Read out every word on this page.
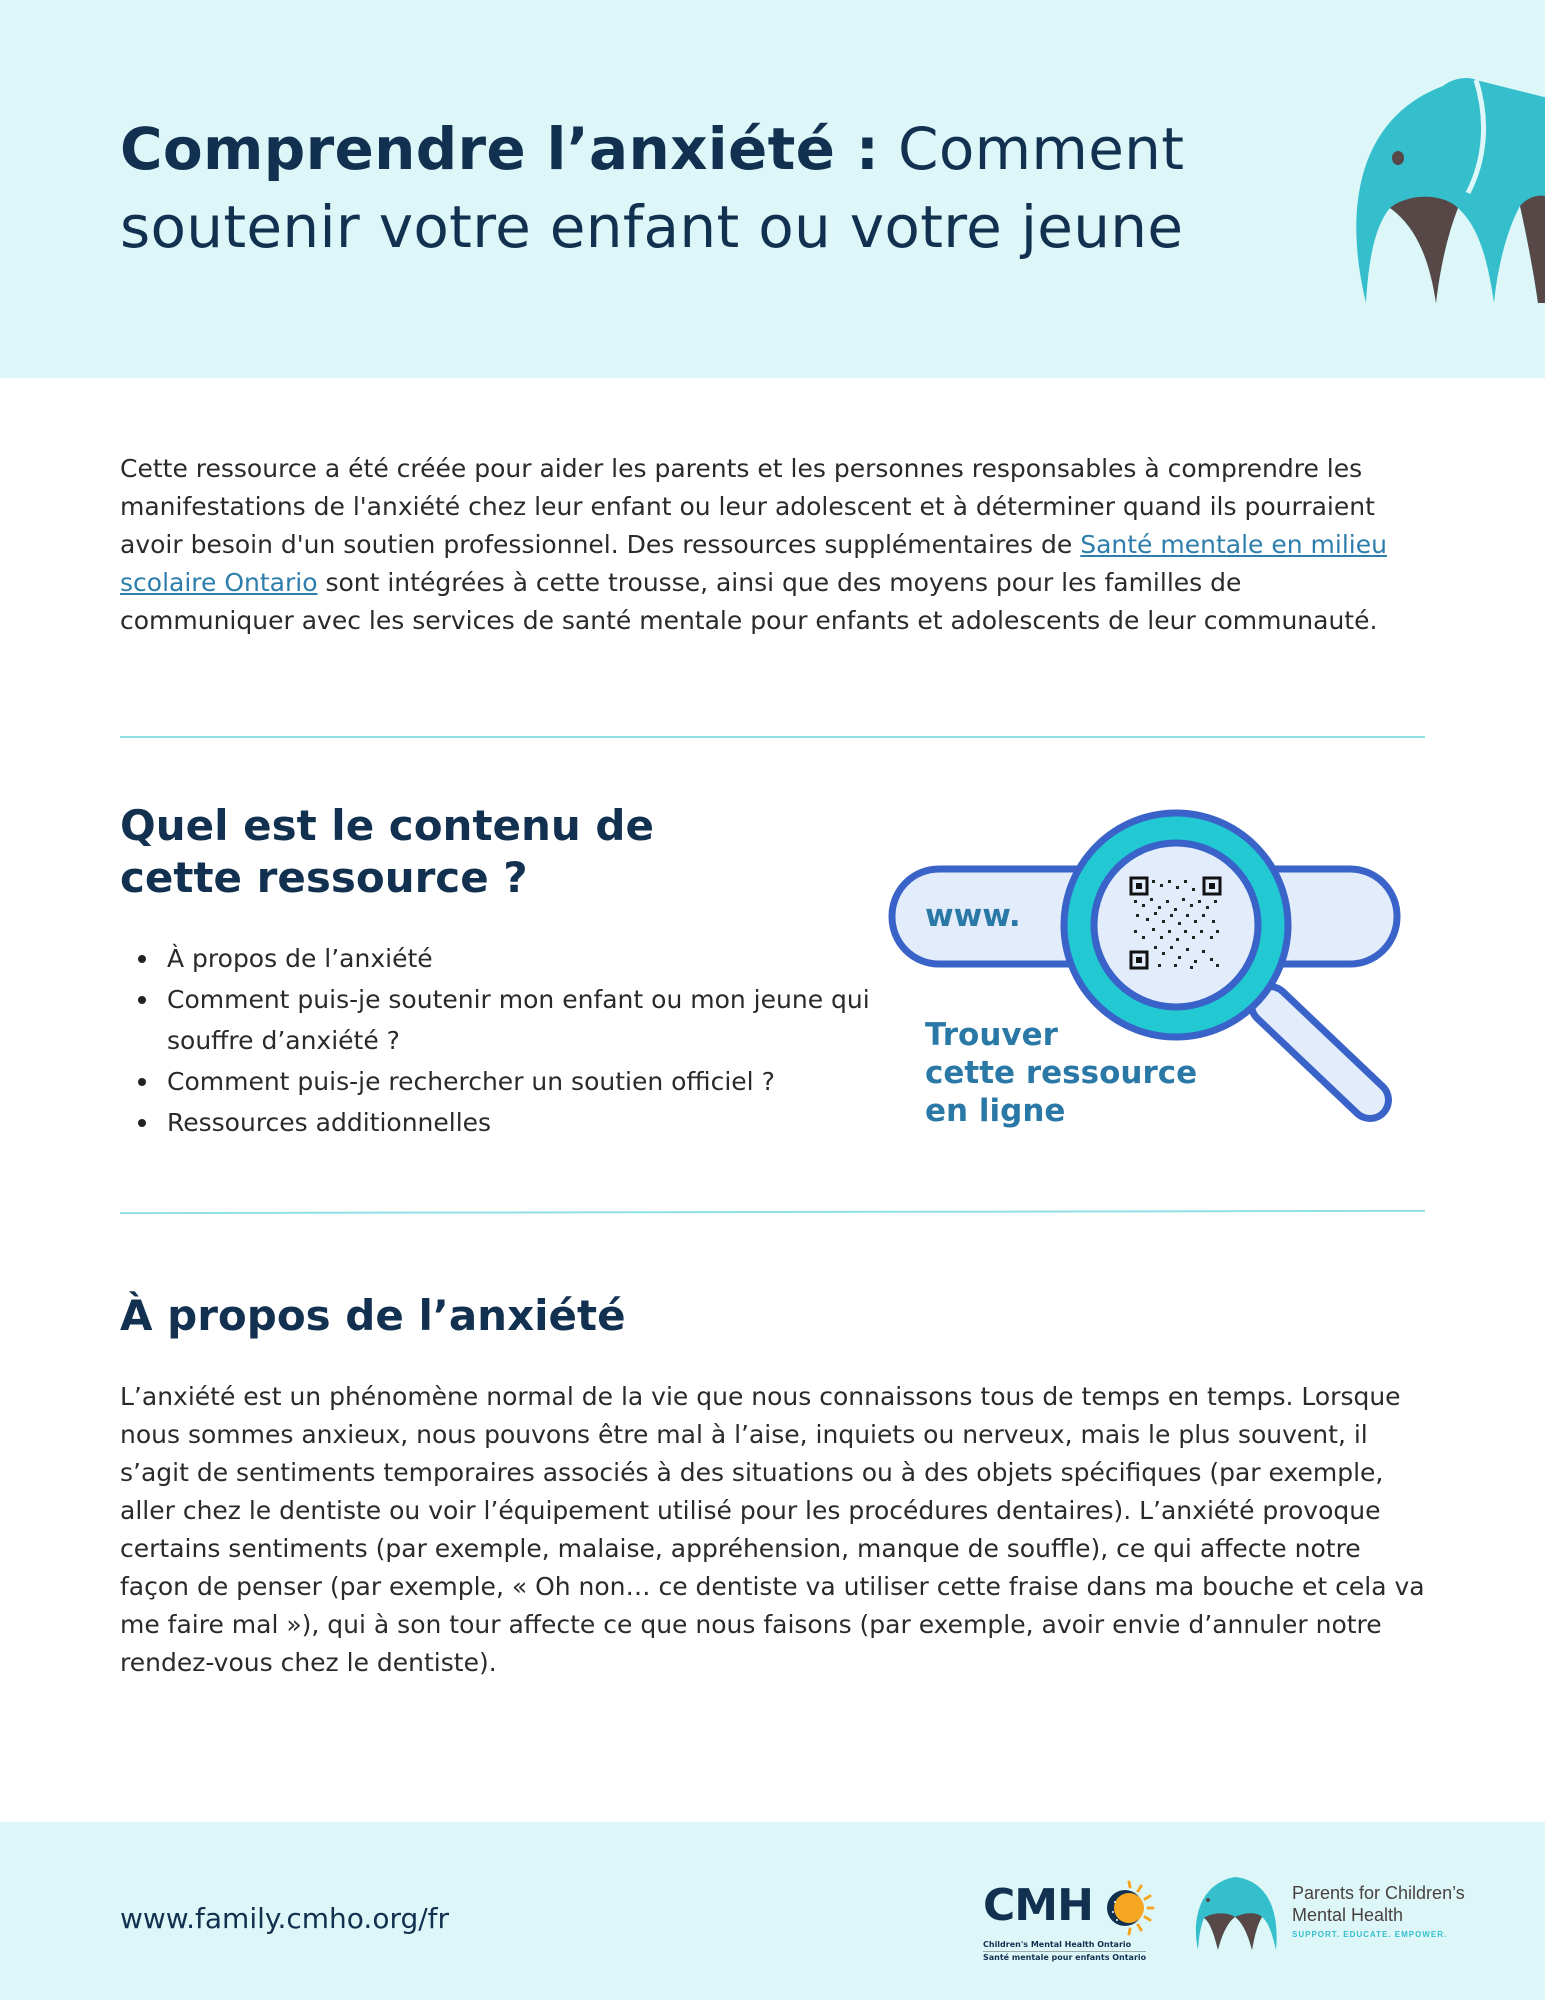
Comprendre l’anxiété : Comment
soutenir votre enfant ou votre jeune

Cette ressource a été créée pour aider les parents et les personnes responsables à comprendre les manifestations de l'anxiété chez leur enfant ou leur adolescent et à déterminer quand ils pourraient avoir besoin d'un soutien professionnel. Des ressources supplémentaires de Santé mentale en milieu scolaire Ontario sont intégrées à cette trousse, ainsi que des moyens pour les familles de communiquer avec les services de santé mentale pour enfants et adolescents de leur communauté.

Quel est le contenu de
cette ressource ?
À propos de l’anxiété
Comment puis-je soutenir mon enfant ou mon jeune qui souffre d’anxiété ?
Comment puis-je rechercher un soutien officiel ?
Ressources additionnelles
www.
Trouver
cette ressource
en ligne
À propos de l’anxiété

L’anxiété est un phénomène normal de la vie que nous connaissons tous de temps en temps. Lorsque nous sommes anxieux, nous pouvons être mal à l’aise, inquiets ou nerveux, mais le plus souvent, il s’agit de sentiments temporaires associés à des situations ou à des objets spécifiques (par exemple, aller chez le dentiste ou voir l’équipement utilisé pour les procédures dentaires). L’anxiété provoque certains sentiments (par exemple, malaise, appréhension, manque de souffle), ce qui affecte notre façon de penser (par exemple, « Oh non… ce dentiste va utiliser cette fraise dans ma bouche et cela va me faire mal »), qui à son tour affecte ce que nous faisons (par exemple, avoir envie d’annuler notre rendez-vous chez le dentiste).

www.family.cmho.org/fr	CMH
Children's Mental Health Ontario
Santé mentale pour enfants Ontario
Parents for Children’s
Mental Health
SUPPORT. EDUCATE. EMPOWER.
